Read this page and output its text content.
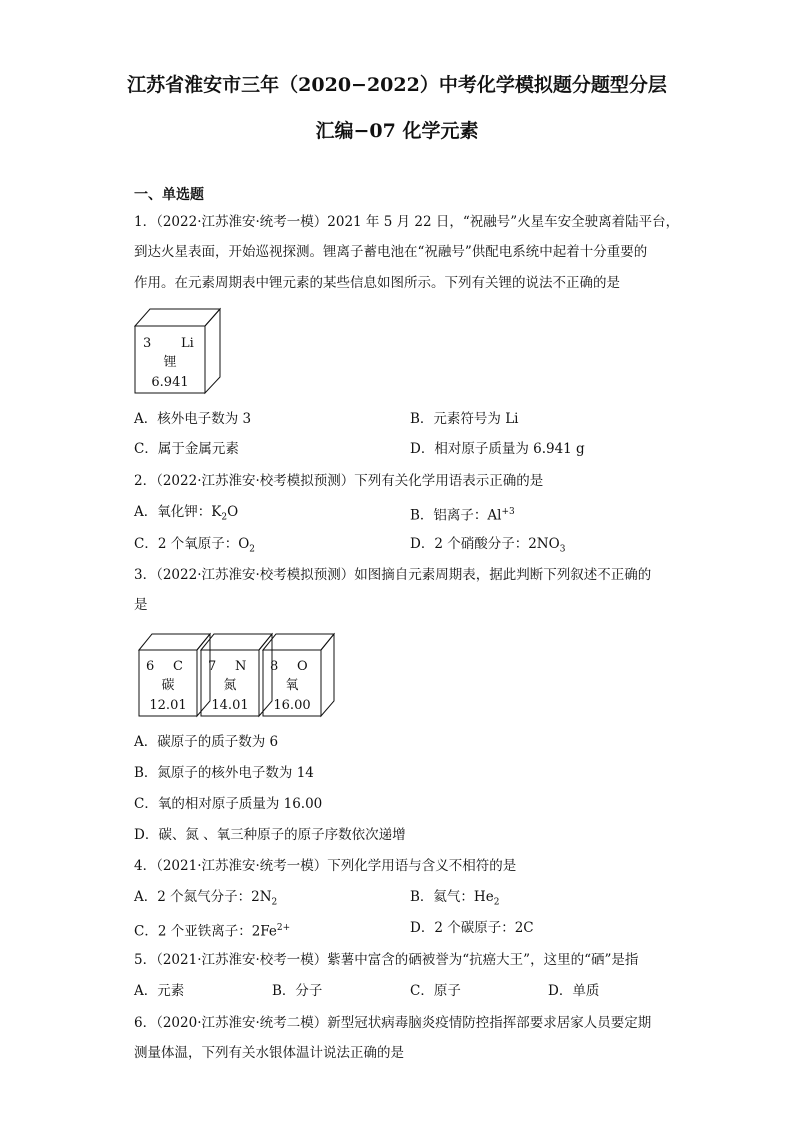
江苏省淮安市三年（2020−2022）中考化学模拟题分题型分层
汇编−07 化学元素
一、单选题
1．（2022·江苏淮安·统考一模）2021 年 5 月 22 日，“祝融号”火星车安全驶离着陆平台，
到达火星表面，开始巡视探测。锂离子蓄电池在“祝融号”供配电系统中起着十分重要的
作用。在元素周期表中锂元素的某些信息如图所示。下列有关锂的说法不正确的是
3 Li
锂
6.941
A．核外电子数为 3	B．元素符号为 Li
C．属于金属元素	D．相对原子质量为 6.941 g
2．（2022·江苏淮安·校考模拟预测）下列有关化学用语表示正确的是
A．氧化钾：$K_2O$	B．铝离子：$Al^{+3}$
C．2 个氧原子：$O_2$	D．2 个硝酸分子：$2NO_3$
3．（2022·江苏淮安·校考模拟预测）如图摘自元素周期表，据此判断下列叙述不正确的
是
6 C
碳
12.01
7 N
氮
14.01
8 O
氧
16.00
A．碳原子的质子数为 6
B．氮原子的核外电子数为 14
C．氧的相对原子质量为 16.00
D．碳、氮 、氧三种原子的原子序数依次递增
4．（2021·江苏淮安·统考一模）下列化学用语与含义不相符的是
A．2 个氮气分子：$2N_2$	B．氦气：$He_2$
C．2 个亚铁离子：$2Fe^{2+}$	D．2 个碳原子：2C
5．（2021·江苏淮安·校考一模）紫薯中富含的硒被誉为“抗癌大王”，这里的“硒”是指
A．元素	B．分子	C．原子	D．单质
6．（2020·江苏淮安·统考二模）新型冠状病毒脑炎疫情防控指挥部要求居家人员要定期
测量体温，下列有关水银体温计说法正确的是
